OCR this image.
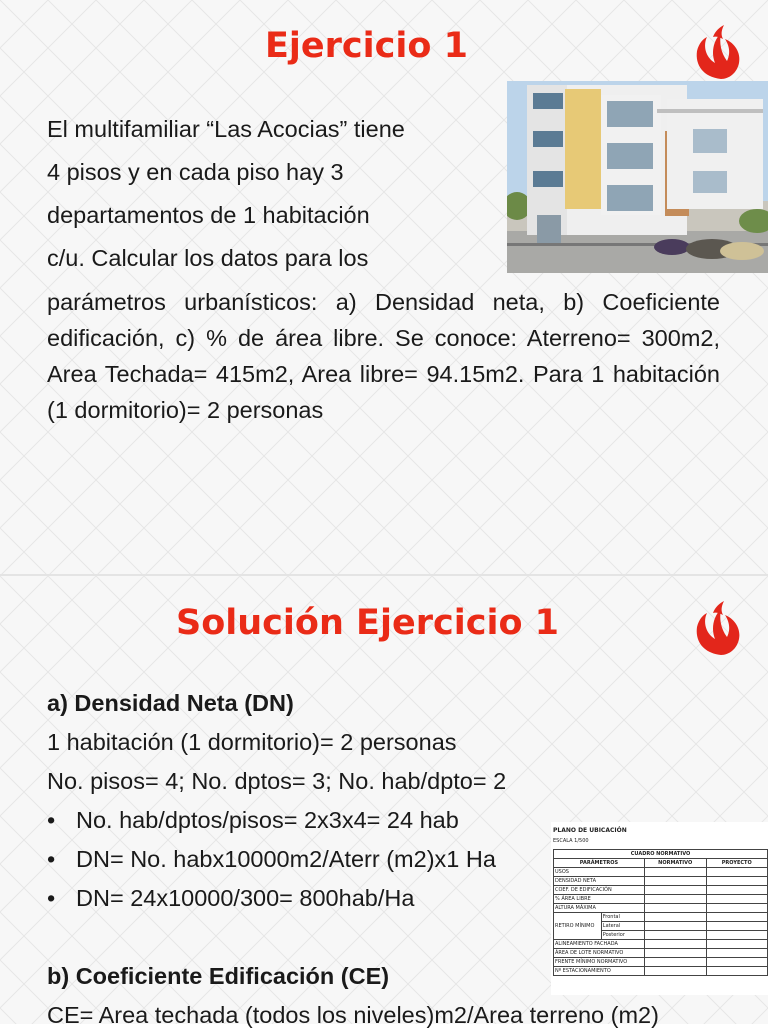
Ejercicio 1
El multifamiliar “Las Acocias” tiene
4 pisos y en cada piso hay 3
departamentos de 1 habitación
c/u. Calcular los datos para los
parámetros urbanísticos: a) Densidad neta, b) Coeficiente edificación, c) % de área libre. Se conoce: Aterreno= 300m2, Area Techada= 415m2, Area libre= 94.15m2. Para 1 habitación (1 dormitorio)= 2 personas
Solución Ejercicio 1
a) Densidad Neta (DN)
1 habitación (1 dormitorio)= 2 personas
No. pisos= 4; No. dptos= 3; No. hab/dpto= 2
• No. hab/dptos/pisos= 2x3x4= 24 hab
• DN= No. habx10000m2/Aterr (m2)x1 Ha
• DN= 24x10000/300= 800hab/Ha
b) Coeficiente Edificación (CE)
CE= Area techada (todos los niveles)m2/Area terreno (m2)
PLANO DE UBICACIÓN
ESCALA 1/500
CUADRO NORMATIVO			
PARÁMETROS		NORMATIVO	PROYECTO
USOS			
DENSIDAD NETA			
COEF. DE EDIFICACIÓN			
% ÁREA LIBRE			
ALTURA MÁXIMA			
RETIRO MÍNIMO	Frontal		
	Lateral		
	Posterior		
ALINEAMIENTO FACHADA			
ÁREA DE LOTE NORMATIVO			
FRENTE MÍNIMO NORMATIVO			
Nº ESTACIONAMIENTO			
